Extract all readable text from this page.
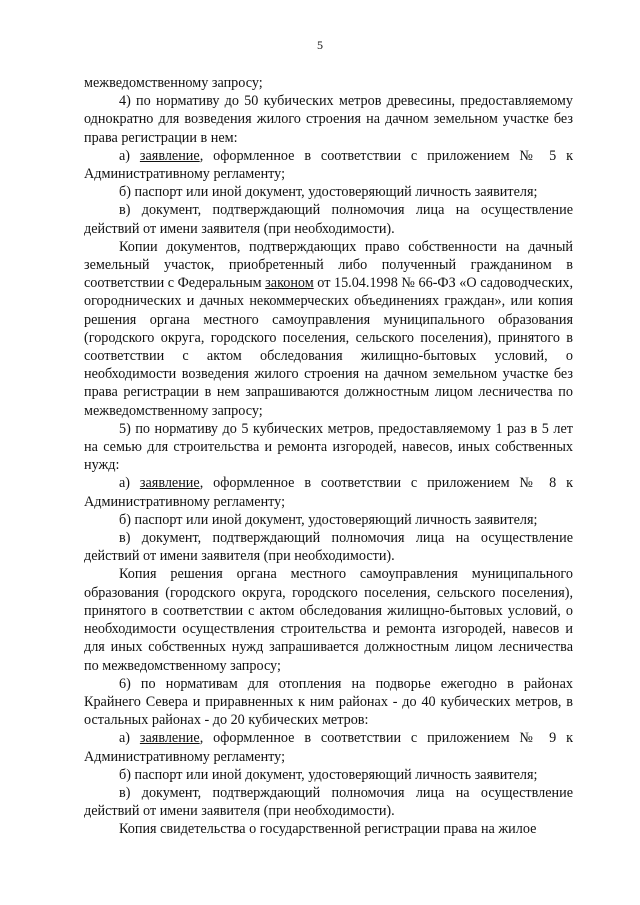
5

межведомственному запросу;

4) по нормативу до 50 кубических метров древесины, предоставляемому однократно для возведения жилого строения на дачном земельном участке без права регистрации в нем:

а) заявление, оформленное в соответствии с приложением № 5 к Административному регламенту;

б) паспорт или иной документ, удостоверяющий личность заявителя;

в) документ, подтверждающий полномочия лица на осуществление действий от имени заявителя (при необходимости).

Копии документов, подтверждающих право собственности на дачный земельный участок, приобретенный либо полученный гражданином в соответствии с Федеральным законом от 15.04.1998 № 66-ФЗ «О садоводческих, огороднических и дачных некоммерческих объединениях граждан», или копия решения органа местного самоуправления муниципального образования (городского округа, городского поселения, сельского поселения), принятого в соответствии с актом обследования жилищно-бытовых условий, о необходимости возведения жилого строения на дачном земельном участке без права регистрации в нем запрашиваются должностным лицом лесничества по межведомственному запросу;

5) по нормативу до 5 кубических метров, предоставляемому 1 раз в 5 лет на семью для строительства и ремонта изгородей, навесов, иных собственных нужд:

а) заявление, оформленное в соответствии с приложением № 8 к Административному регламенту;

б) паспорт или иной документ, удостоверяющий личность заявителя;

в) документ, подтверждающий полномочия лица на осуществление действий от имени заявителя (при необходимости).

Копия решения органа местного самоуправления муниципального образования (городского округа, городского поселения, сельского поселения), принятого в соответствии с актом обследования жилищно-бытовых условий, о необходимости осуществления строительства и ремонта изгородей, навесов и для иных собственных нужд запрашивается должностным лицом лесничества по межведомственному запросу;

6) по нормативам для отопления на подворье ежегодно в районах Крайнего Севера и приравненных к ним районах - до 40 кубических метров, в остальных районах - до 20 кубических метров:

а) заявление, оформленное в соответствии с приложением № 9 к Административному регламенту;

б) паспорт или иной документ, удостоверяющий личность заявителя;

в) документ, подтверждающий полномочия лица на осуществление действий от имени заявителя (при необходимости).

Копия свидетельства о государственной регистрации права на жилое
